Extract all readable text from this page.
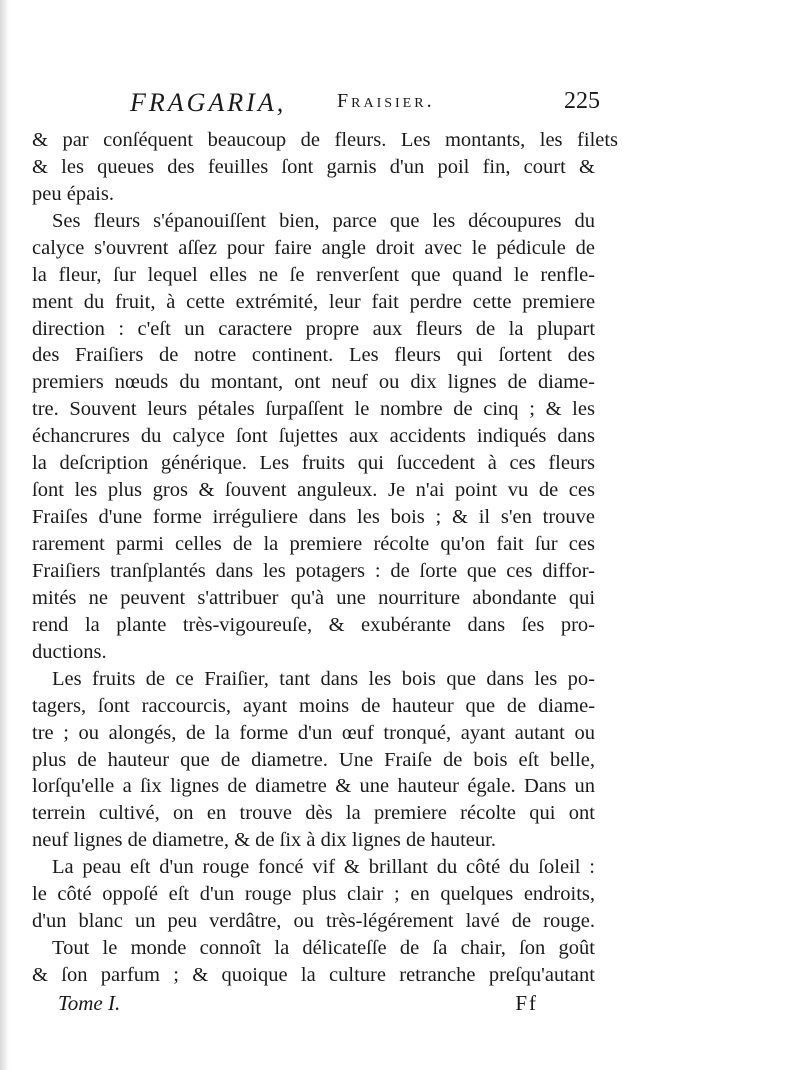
FRAGARIA,	Fraisier.	225
& par conſéquent beaucoup de fleurs. Les montants, les filets
& les queues des feuilles ſont garnis d'un poil fin, court &
peu épais.
Ses fleurs s'épanouiſſent bien, parce que les découpures du
calyce s'ouvrent aſſez pour faire angle droit avec le pédicule de
la fleur, ſur lequel elles ne ſe renverſent que quand le renfle-
ment du fruit, à cette extrémité, leur fait perdre cette premiere
direction : c'eſt un caractere propre aux fleurs de la plupart
des Fraiſiers de notre continent. Les fleurs qui ſortent des
premiers nœuds du montant, ont neuf ou dix lignes de diame-
tre. Souvent leurs pétales ſurpaſſent le nombre de cinq ; & les
échancrures du calyce ſont ſujettes aux accidents indiqués dans
la deſcription générique. Les fruits qui ſuccedent à ces fleurs
ſont les plus gros & ſouvent anguleux. Je n'ai point vu de ces
Fraiſes d'une forme irréguliere dans les bois ; & il s'en trouve
rarement parmi celles de la premiere récolte qu'on fait ſur ces
Fraiſiers tranſplantés dans les potagers : de ſorte que ces diffor-
mités ne peuvent s'attribuer qu'à une nourriture abondante qui
rend la plante très-vigoureuſe, & exubérante dans ſes pro-
ductions.
Les fruits de ce Fraiſier, tant dans les bois que dans les po-
tagers, ſont raccourcis, ayant moins de hauteur que de diame-
tre ; ou alongés, de la forme d'un œuf tronqué, ayant autant ou
plus de hauteur que de diametre. Une Fraiſe de bois eſt belle,
lorſqu'elle a ſix lignes de diametre & une hauteur égale. Dans un
terrein cultivé, on en trouve dès la premiere récolte qui ont
neuf lignes de diametre, & de ſix à dix lignes de hauteur.
La peau eſt d'un rouge foncé vif & brillant du côté du ſoleil :
le côté oppoſé eſt d'un rouge plus clair ; en quelques endroits,
d'un blanc un peu verdâtre, ou très-légérement lavé de rouge.
Tout le monde connoît la délicateſſe de ſa chair, ſon goût
& ſon parfum ; & quoique la culture retranche preſqu'autant
Tome I.	Ff
